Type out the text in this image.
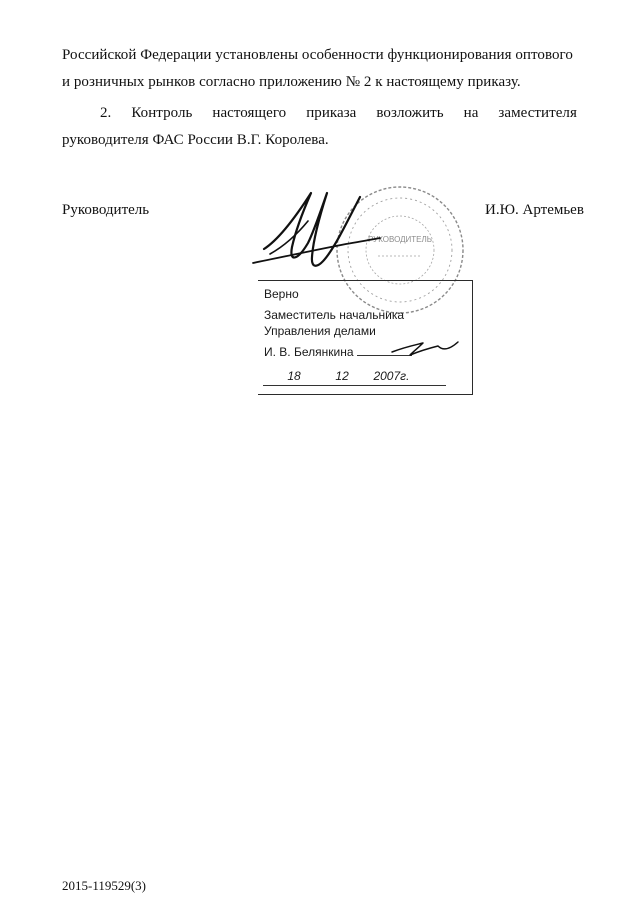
Российской Федерации установлены особенности функционирования оптового
и розничных рынков согласно приложению № 2 к настоящему приказу.
2. Контроль настоящего приказа возложить на заместителя
руководителя ФАС России В.Г. Королева.
РУКОВОДИТЕЛЬ
Руководитель	И.Ю. Артемьев
Верно
Заместитель начальника
Управления делами
И. В. Белянкина
18	12 2007г.
2015-119529(3)
